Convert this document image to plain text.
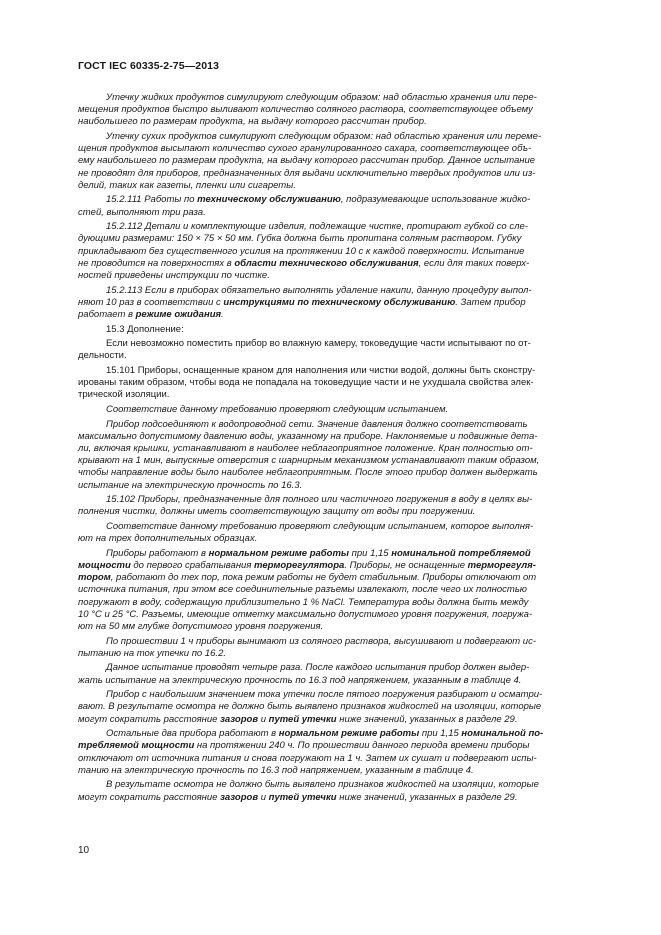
ГОСТ IEC 60335-2-75—2013
Утечку жидких продуктов симулируют следующим образом: над областью хранения или пере-
мещения продуктов быстро выливают количество соляного раствора, соответствующее объему
наибольшего по размерам продукта, на выдачу которого рассчитан прибор.
Утечку сухих продуктов симулируют следующим образом: над областью хранения или переме-
щения продуктов высыпают количество сухого гранулированного сахара, соответствующее объ-
ему наибольшего по размерам продукта, на выдачу которого рассчитан прибор. Данное испытание
не проводят для приборов, предназначенных для выдачи исключительно твердых продуктов или из-
делий, таких как газеты, пленки или сигареты.
15.2.111 Работы по техническому обслуживанию, подразумевающие использование жидко-
стей, выполняют три раза.
15.2.112 Детали и комплектующие изделия, подлежащие чистке, протирают губкой со сле-
дующими размерами: 150 × 75 × 50 мм. Губка должна быть пропитана соляным раствором. Губку
прикладывают без существенного усилия на протяжении 10 с к каждой поверхности. Испытание
не проводится на поверхностях в области технического обслуживания, если для таких поверх-
ностей приведены инструкции по чистке.
15.2.113 Если в приборах обязательно выполнять удаление накипи, данную процедуру выпол-
няют 10 раз в соответствии с инструкциями по техническому обслуживанию. Затем прибор
работает в режиме ожидания.
15.3 Дополнение:
Если невозможно поместить прибор во влажную камеру, токоведущие части испытывают по от-
дельности.
15.101 Приборы, оснащенные краном для наполнения или чистки водой, должны быть сконстру-
ированы таким образом, чтобы вода не попадала на токоведущие части и не ухудшала свойства элек-
трической изоляции.
Соответствие данному требованию проверяют следующим испытанием.
Прибор подсоединяют к водопроводной сети. Значение давления должно соответствовать
максимально допустимому давлению воды, указанному на приборе. Наклоняемые и подвижные дета-
ли, включая крышки, устанавливают в наиболее неблагоприятное положение. Кран полностью от-
крывают на 1 мин, выпускные отверстия с шарнирным механизмом устанавливают таким образом,
чтобы направление воды было наиболее неблагоприятным. После этого прибор должен выдержать
испытание на электрическую прочность по 16.3.
15.102 Приборы, предназначенные для полного или частичного погружения в воду в целях вы-
полнения чистки, должны иметь соответствующую защиту от воды при погружении.
Соответствие данному требованию проверяют следующим испытанием, которое выполня-
ют на трех дополнительных образцах.
Приборы работают в нормальном режиме работы при 1,15 номинальной потребляемой
мощности до первого срабатывания терморегулятора. Приборы, не оснащенные терморегуля-
тором, работают до тех пор, пока режим работы не будет стабильным. Приборы отключают от
источника питания, при этом все соединительные разъемы извлекают, после чего их полностью
погружают в воду, содержащую приблизительно 1 % NaCl. Температура воды должна быть между
10 °С и 25 °С. Разъемы, имеющие отметку максимально допустимого уровня погружения, погружа-
ют на 50 мм глубже допустимого уровня погружения.
По прошествии 1 ч приборы вынимают из соляного раствора, высушивают и подвергают ис-
пытанию на ток утечки по 16.2.
Данное испытание проводят четыре раза. После каждого испытания прибор должен выдер-
жать испытание на электрическую прочность по 16.3 под напряжением, указанным в таблице 4.
Прибор с наибольшим значением тока утечки после пятого погружения разбирают и осматри-
вают. В результате осмотра не должно быть выявлено признаков жидкостей на изоляции, которые
могут сократить расстояние зазоров и путей утечки ниже значений, указанных в разделе 29.
Остальные два прибора работают в нормальном режиме работы при 1,15 номинальной по-
требляемой мощности на протяжении 240 ч. По прошествии данного периода времени приборы
отключают от источника питания и снова погружают на 1 ч. Затем их сушат и подвергают испы-
танию на электрическую прочность по 16.3 под напряжением, указанным в таблице 4.
В результате осмотра не должно быть выявлено признаков жидкостей на изоляции, которые
могут сократить расстояние зазоров и путей утечки ниже значений, указанных в разделе 29.
10
